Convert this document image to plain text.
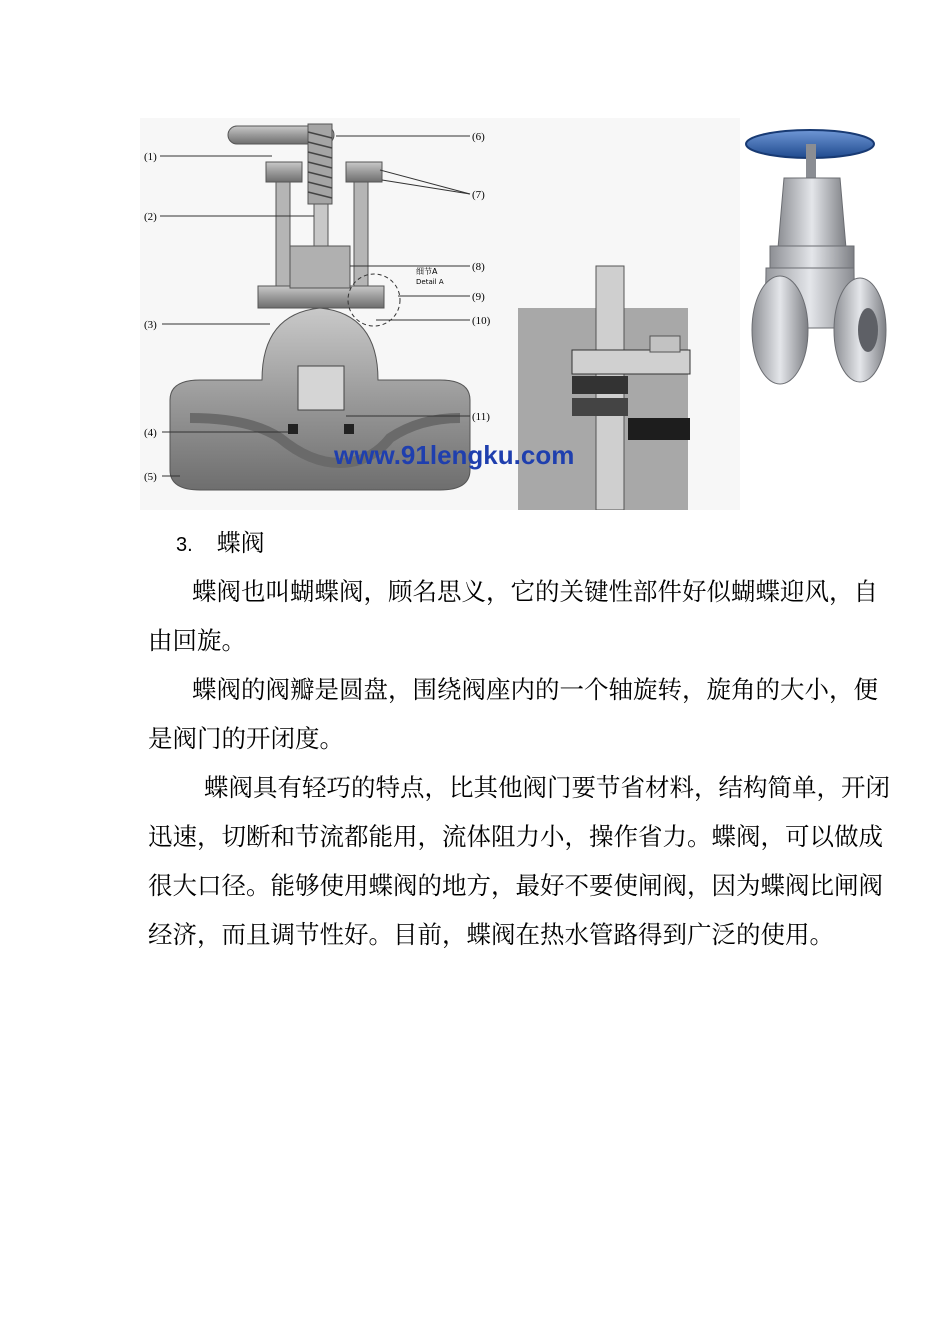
(1)
(2)
(3)
(4)
(5)
(6)
(7)
(8)
(9)
(10)
(11)
细节A
Detail A
www.91lengku.com
3. 蝶阀

蝶阀也叫蝴蝶阀，顾名思义，它的关键性部件好似蝴蝶迎风，自由回旋。

蝶阀的阀瓣是圆盘，围绕阀座内的一个轴旋转，旋角的大小，便是阀门的开闭度。

蝶阀具有轻巧的特点，比其他阀门要节省材料，结构简单，开闭迅速，切断和节流都能用，流体阻力小，操作省力。蝶阀，可以做成很大口径。能够使用蝶阀的地方，最好不要使闸阀，因为蝶阀比闸阀经济，而且调节性好。目前，蝶阀在热水管路得到广泛的使用。
